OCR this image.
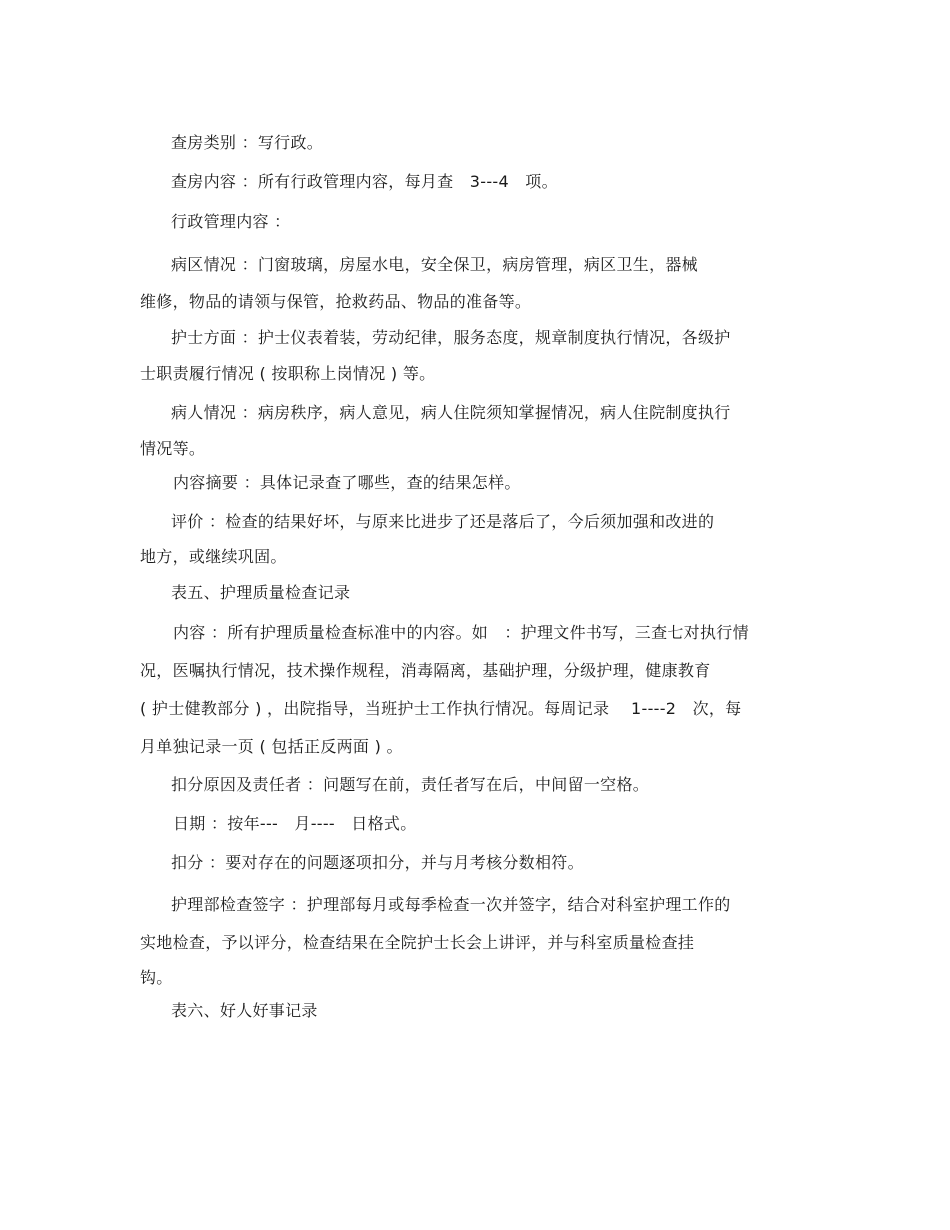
查房类别 ：写行政。
查房内容 ：所有行政管理内容，每月查　3---4　项。
行政管理内容 ：
病区情况 ：门窗玻璃，房屋水电，安全保卫，病房管理，病区卫生，器械
维修，物品的请领与保管，抢救药品、物品的准备等。
护士方面 ：护士仪表着装，劳动纪律，服务态度，规章制度执行情况，各级护
士职责履行情况 ( 按职称上岗情况 ) 等。
病人情况 ：病房秩序，病人意见，病人住院须知掌握情况，病人住院制度执行
情况等。
内容摘要 ：具体记录查了哪些，查的结果怎样。
评价 ：检查的结果好坏，与原来比进步了还是落后了，今后须加强和改进的
地方，或继续巩固。
表五、护理质量检查记录
内容 ：所有护理质量检查标准中的内容。如　：护理文件书写，三查七对执行情
况，医嘱执行情况，技术操作规程，消毒隔离，基础护理，分级护理，健康教育
( 护士健教部分 ) ，出院指导，当班护士工作执行情况。每周记录　 1----2　次，每
月单独记录一页 ( 包括正反两面 ) 。
扣分原因及责任者 ：问题写在前，责任者写在后，中间留一空格。
日期 ：按年---　月----　日格式。
扣分 ：要对存在的问题逐项扣分，并与月考核分数相符。
护理部检查签字 ：护理部每月或每季检查一次并签字，结合对科室护理工作的
实地检查，予以评分，检查结果在全院护士长会上讲评，并与科室质量检查挂
钩。
表六、好人好事记录
